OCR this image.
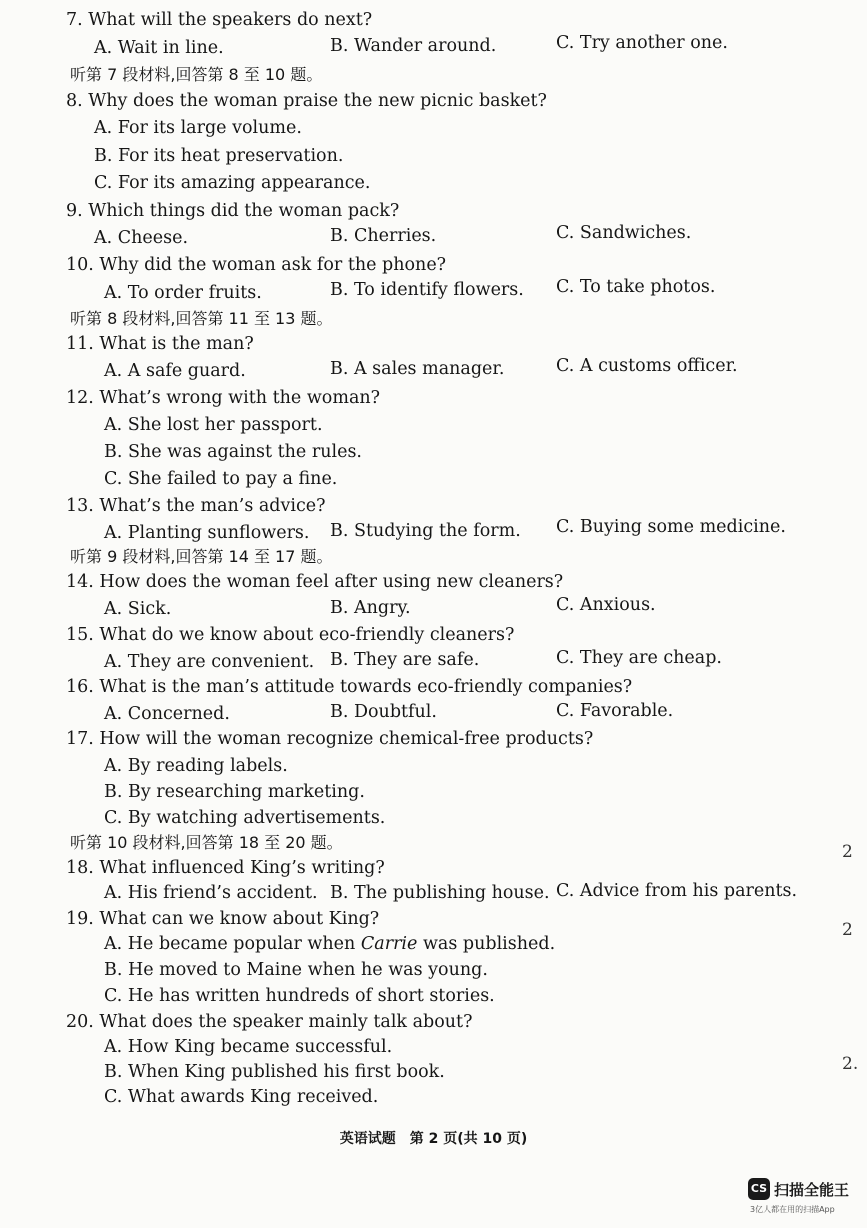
7. What will the speakers do next?
A. Wait in line.	B. Wander around.	C. Try another one.
听第 7 段材料,回答第 8 至 10 题。
8. Why does the woman praise the new picnic basket?
A. For its large volume.
B. For its heat preservation.
C. For its amazing appearance.
9. Which things did the woman pack?
A. Cheese.	B. Cherries.	C. Sandwiches.
10. Why did the woman ask for the phone?
A. To order fruits.	B. To identify flowers. C. To take photos.
听第 8 段材料,回答第 11 至 13 题。
11. What is the man?
A. A safe guard.	B. A sales manager.	C. A customs officer.
12. What’s wrong with the woman?
A. She lost her passport.
B. She was against the rules.
C. She failed to pay a fine.
13. What’s the man’s advice?
A. Planting sunflowers. B. Studying the form. C. Buying some medicine.
听第 9 段材料,回答第 14 至 17 题。
14. How does the woman feel after using new cleaners?
A. Sick.	B. Angry.	C. Anxious.
15. What do we know about eco-friendly cleaners?
A. They are convenient. B. They are safe.	C. They are cheap.
16. What is the man’s attitude towards eco-friendly companies?
A. Concerned.	B. Doubtful.	C. Favorable.
17. How will the woman recognize chemical-free products?
A. By reading labels.
B. By researching marketing.
C. By watching advertisements.
听第 10 段材料,回答第 18 至 20 题。
18. What influenced King’s writing?
A. His friend’s accident. B. The publishing house. C. Advice from his parents.
19. What can we know about King?
A. He became popular when Carrie was published.
B. He moved to Maine when he was young.
C. He has written hundreds of short stories.
20. What does the speaker mainly talk about?
A. How King became successful.
B. When King published his first book.
C. What awards King received.
英语试题　第 2 页(共 10 页)
2
2
2.
CS 扫描全能王
3亿人都在用的扫描App
